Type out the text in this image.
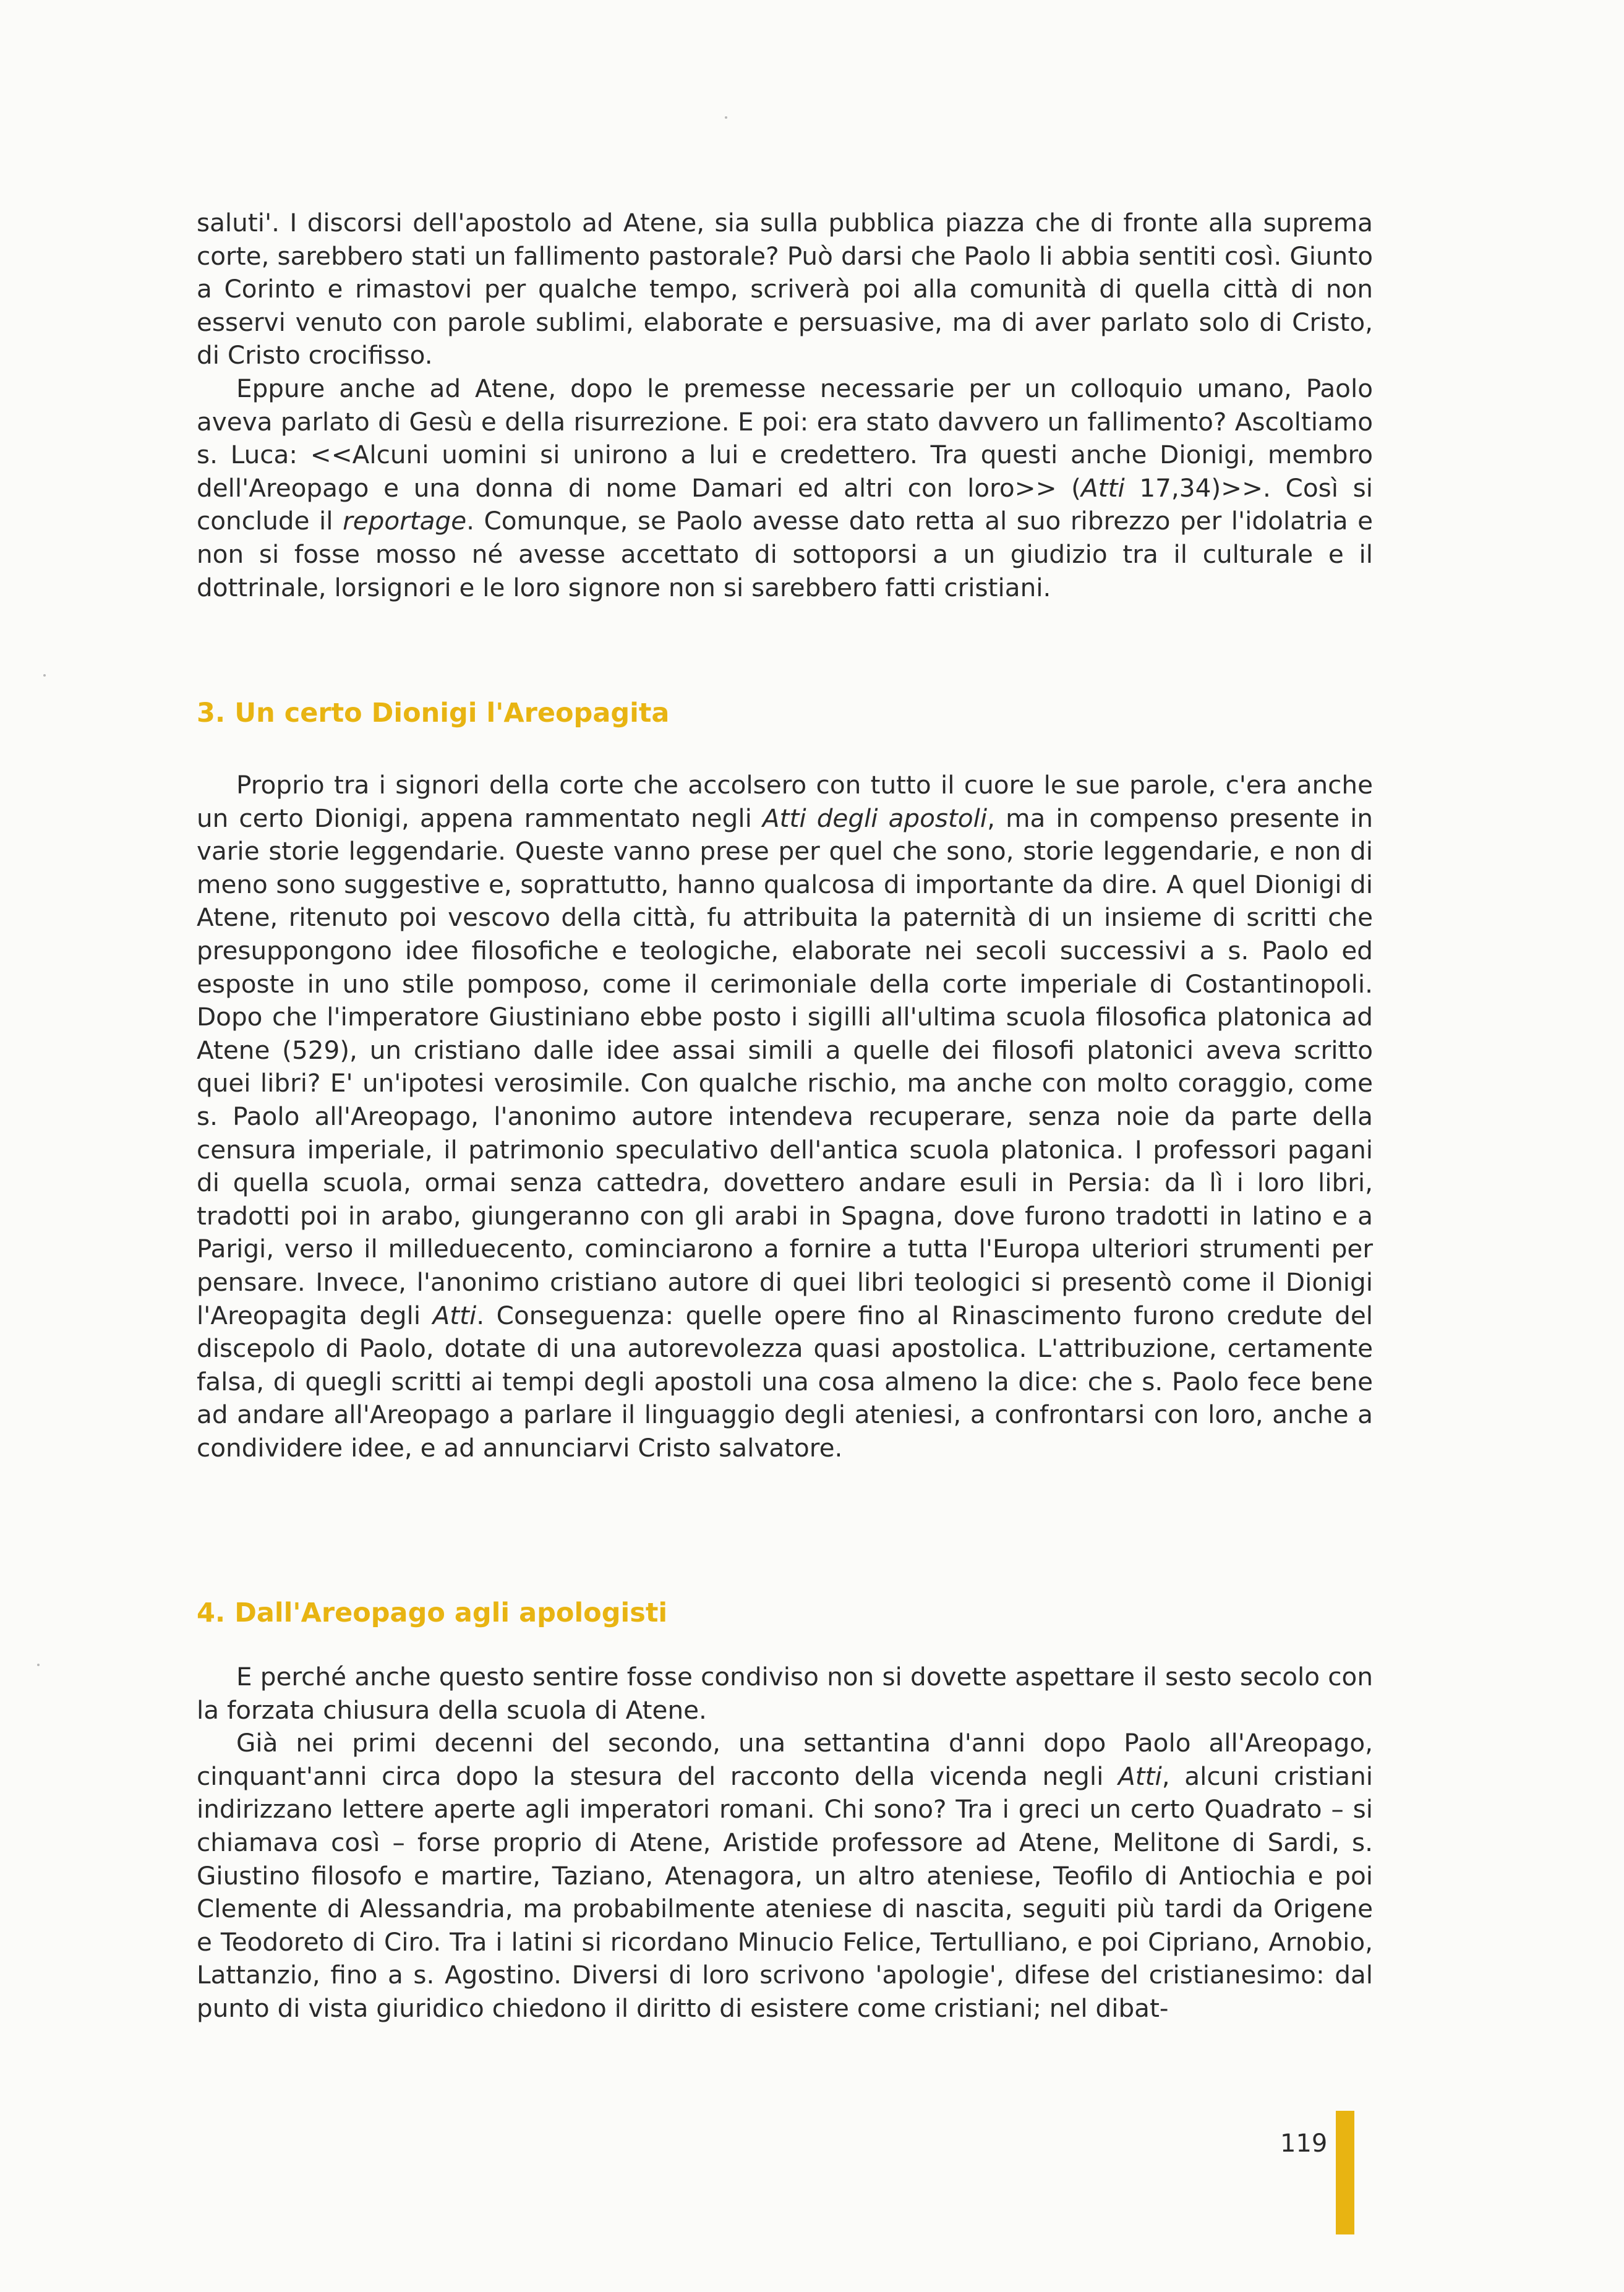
saluti'. I discorsi dell'apostolo ad Atene, sia sulla pubblica piazza che di fronte alla suprema corte, sarebbero stati un fallimento pastorale? Può darsi che Paolo li abbia sentiti così. Giunto a Corinto e rimastovi per qualche tempo, scriverà poi alla comunità di quella città di non esservi venuto con parole sublimi, elaborate e persuasive, ma di aver parlato solo di Cristo, di Cristo crocifisso.

Eppure anche ad Atene, dopo le premesse necessarie per un colloquio umano, Paolo aveva parlato di Gesù e della risurrezione. E poi: era stato davvero un fallimento? Ascoltiamo s. Luca: <<Alcuni uomini si unirono a lui e credettero. Tra questi anche Dionigi, membro dell'Areopago e una donna di nome Damari ed altri con loro>> (Atti 17,34)>>. Così si conclude il reportage. Comunque, se Paolo avesse dato retta al suo ribrezzo per l'idolatria e non si fosse mosso né avesse accettato di sottoporsi a un giudizio tra il culturale e il dottrinale, lorsignori e le loro signore non si sarebbero fatti cristiani.

3. Un certo Dionigi l'Areopagita

Proprio tra i signori della corte che accolsero con tutto il cuore le sue parole, c'era anche un certo Dionigi, appena rammentato negli Atti degli apostoli, ma in compenso presente in varie storie leggendarie. Queste vanno prese per quel che sono, storie leggendarie, e non di meno sono suggestive e, soprattutto, hanno qualcosa di importante da dire. A quel Dionigi di Atene, ritenuto poi vescovo della città, fu attribuita la paternità di un insieme di scritti che presuppongono idee filosofiche e teologiche, elaborate nei secoli successivi a s. Paolo ed esposte in uno stile pomposo, come il cerimoniale della corte imperiale di Costantinopoli. Dopo che l'imperatore Giustiniano ebbe posto i sigilli all'ultima scuola filosofica platonica ad Atene (529), un cristiano dalle idee assai simili a quelle dei filosofi platonici aveva scritto quei libri? E' un'ipotesi verosimile. Con qualche rischio, ma anche con molto coraggio, come s. Paolo all'Areopago, l'anonimo autore intendeva recuperare, senza noie da parte della censura imperiale, il patrimonio speculativo dell'antica scuola platonica. I professori pagani di quella scuola, ormai senza cattedra, dovettero andare esuli in Persia: da lì i loro libri, tradotti poi in arabo, giungeranno con gli arabi in Spagna, dove furono tradotti in latino e a Parigi, verso il milleduecento, cominciarono a fornire a tutta l'Europa ulteriori strumenti per pensare. Invece, l'anonimo cristiano autore di quei libri teologici si presentò come il Dionigi l'Areopagita degli Atti. Conseguenza: quelle opere fino al Rinascimento furono credute del discepolo di Paolo, dotate di una autorevolezza quasi apostolica. L'attribuzione, certamente falsa, di quegli scritti ai tempi degli apostoli una cosa almeno la dice: che s. Paolo fece bene ad andare all'Areopago a parlare il linguaggio degli ateniesi, a confrontarsi con loro, anche a condividere idee, e ad annunciarvi Cristo salvatore.

4. Dall'Areopago agli apologisti

E perché anche questo sentire fosse condiviso non si dovette aspettare il sesto secolo con la forzata chiusura della scuola di Atene.

Già nei primi decenni del secondo, una settantina d'anni dopo Paolo all'Areopago, cinquant'anni circa dopo la stesura del racconto della vicenda negli Atti, alcuni cristiani indirizzano lettere aperte agli imperatori romani. Chi sono? Tra i greci un certo Quadrato – si chiamava così – forse proprio di Atene, Aristide professore ad Atene, Melitone di Sardi, s. Giustino filosofo e martire, Taziano, Atenagora, un altro ateniese, Teofilo di Antiochia e poi Clemente di Alessandria, ma probabilmente ateniese di nascita, seguiti più tardi da Origene e Teodoreto di Ciro. Tra i latini si ricordano Minucio Felice, Tertulliano, e poi Cipriano, Arnobio, Lattanzio, fino a s. Agostino. Diversi di loro scrivono 'apologie', difese del cristianesimo: dal punto di vista giuridico chiedono il diritto di esistere come cristiani; nel dibat-

119
